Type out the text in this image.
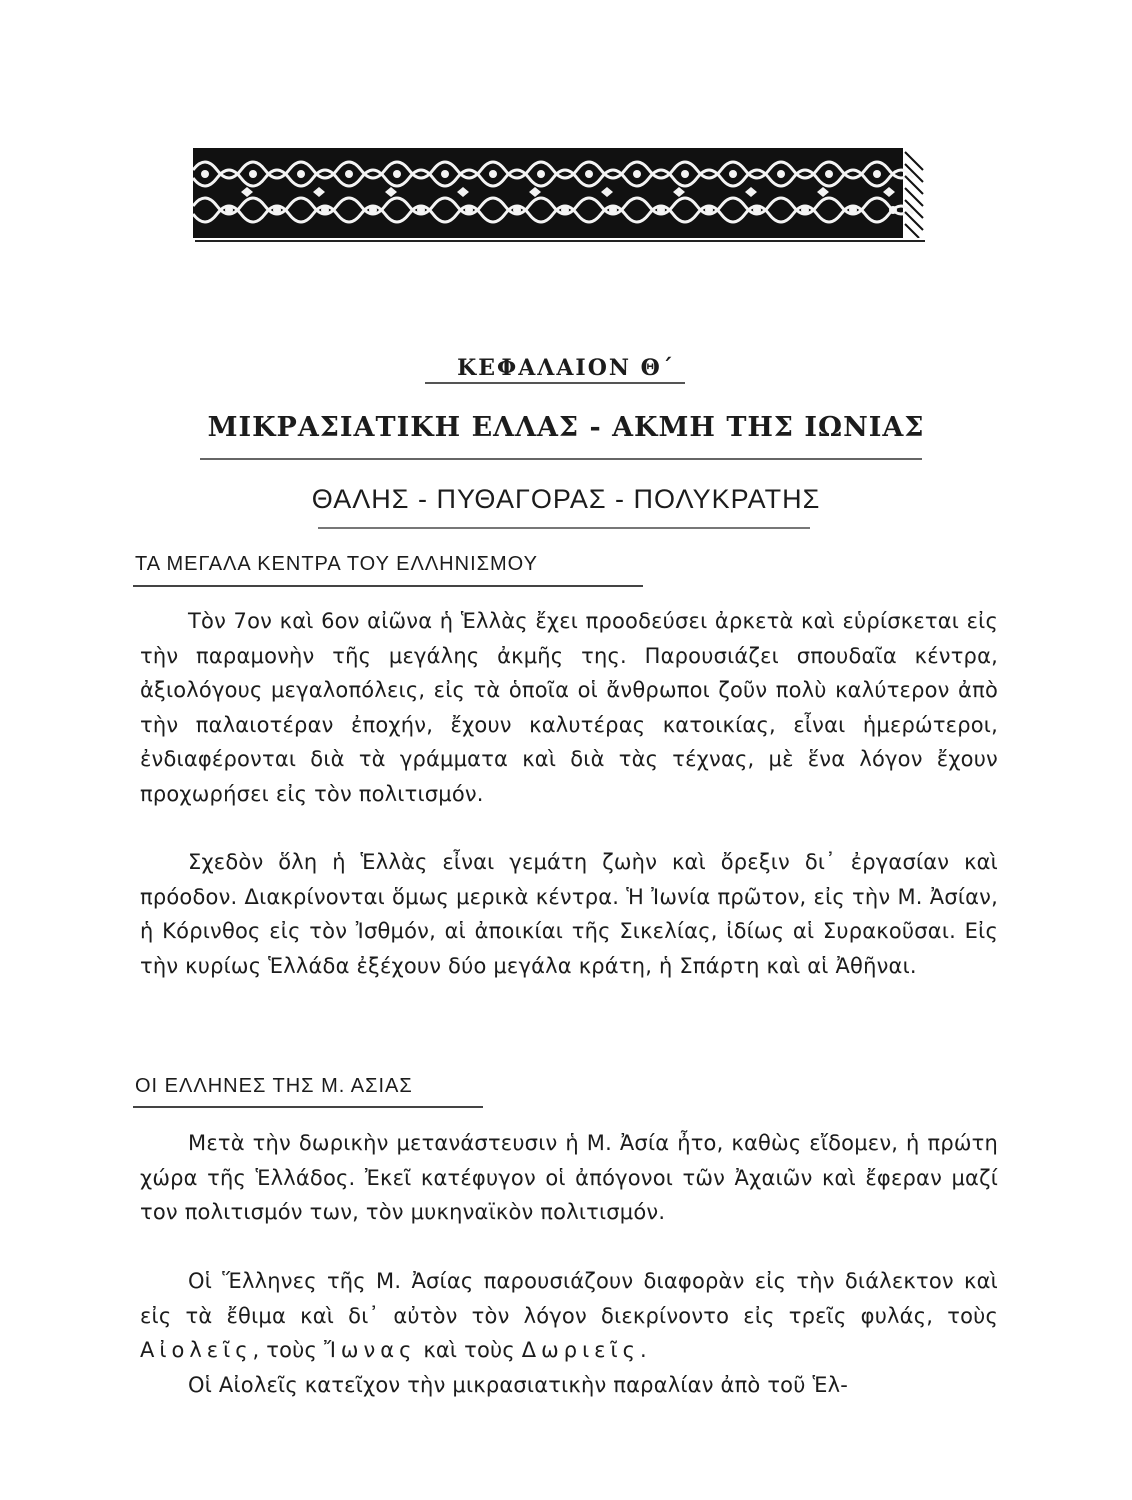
ΚΕΦΑΛΑΙΟΝ Θ΄
ΜΙΚΡΑΣΙΑΤΙΚΗ ΕΛΛΑΣ - ΑΚΜΗ ΤΗΣ ΙΩΝΙΑΣ
ΘΑΛΗΣ - ΠΥΘΑΓΟΡΑΣ - ΠΟΛΥΚΡΑΤΗΣ
ΤΑ ΜΕΓΑΛΑ ΚΕΝΤΡΑ ΤΟΥ ΕΛΛΗΝΙΣΜΟΥ
Τὸν 7ον καὶ 6ον αἰῶνα ἡ Ἑλλὰς ἔχει προοδεύσει ἀρκετὰ καὶ εὑρίσκεται εἰς τὴν παραμονὴν τῆς μεγάλης ἀκμῆς της. Παρουσιάζει σπουδαῖα κέντρα, ἀξιολόγους μεγαλοπόλεις, εἰς τὰ ὁποῖα οἱ ἄνθρωποι ζοῦν πολὺ καλύτερον ἀπὸ τὴν παλαιοτέραν ἐποχήν, ἔχουν καλυτέρας κατοικίας, εἶναι ἡμερώτεροι, ἐνδιαφέρονται διὰ τὰ γράμματα καὶ διὰ τὰς τέχνας, μὲ ἕνα λόγον ἔχουν προχωρήσει εἰς τὸν πολιτισμόν.
Σχεδὸν ὅλη ἡ Ἑλλὰς εἶναι γεμάτη ζωὴν καὶ ὄρεξιν δι᾿ ἐργασίαν καὶ πρόοδον. Διακρίνονται ὅμως μερικὰ κέντρα. Ἡ Ἰωνία πρῶτον, εἰς τὴν Μ. Ἀσίαν, ἡ Κόρινθος εἰς τὸν Ἰσθμόν, αἱ ἀποικίαι τῆς Σικελίας, ἰδίως αἱ Συρακοῦσαι. Εἰς τὴν κυρίως Ἑλλάδα ἐξέχουν δύο μεγάλα κράτη, ἡ Σπάρτη καὶ αἱ Ἀθῆναι.
ΟΙ ΕΛΛΗΝΕΣ ΤΗΣ Μ. ΑΣΙΑΣ
Μετὰ τὴν δωρικὴν μετανάστευσιν ἡ Μ. Ἀσία ἦτο, καθὼς εἴδομεν, ἡ πρώτη χώρα τῆς Ἑλλάδος. Ἐκεῖ κατέφυγον οἱ ἀπόγονοι τῶν Ἀχαιῶν καὶ ἔφεραν μαζί τον πολιτισμόν των, τὸν μυκηναϊκὸν πολιτισμόν.
Οἱ Ἕλληνες τῆς Μ. Ἀσίας παρουσιάζουν διαφορὰν εἰς τὴν διάλεκτον καὶ εἰς τὰ ἔθιμα καὶ δι᾿ αὐτὸν τὸν λόγον διεκρίνοντο εἰς τρεῖς φυλάς, τοὺς Αἰολεῖς, τοὺς Ἴωνας καὶ τοὺς Δωριεῖς.
Οἱ Αἰολεῖς κατεῖχον τὴν μικρασιατικὴν παραλίαν ἀπὸ τοῦ Ἑλ-
